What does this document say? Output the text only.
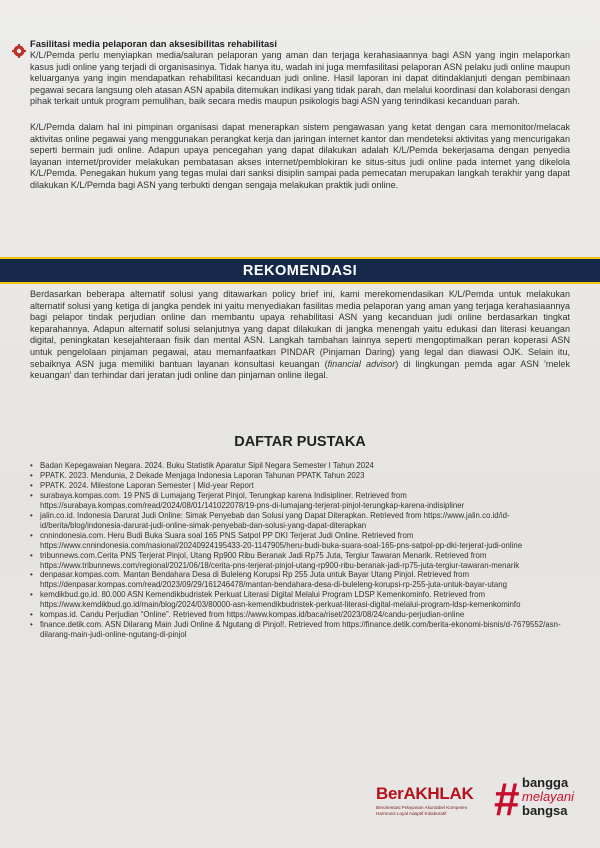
Fasilitasi media pelaporan dan aksesibilitas rehabilitasi

K/L/Pemda perlu menyiapkan media/saluran pelaporan yang aman dan terjaga kerahasiaannya bagi ASN yang ingin melaporkan kasus judi online yang terjadi di organisasinya. Tidak hanya itu, wadah ini juga memfasilitasi pelaporan ASN pelaku judi online maupun keluarganya yang ingin mendapatkan rehabilitasi kecanduan judi online. Hasil laporan ini dapat ditindaklanjuti dengan pembinaan pegawai secara langsung oleh atasan ASN apabila ditemukan indikasi yang tidak parah, dan melalui koordinasi dan kolaborasi dengan pihak terkait untuk program pemulihan, baik secara medis maupun psikologis bagi ASN yang terindikasi kecanduan parah.

K/L/Pemda dalam hal ini pimpinan organisasi dapat menerapkan sistem pengawasan yang ketat dengan cara memonitor/melacak aktivitas online pegawai yang menggunakan perangkat kerja dan jaringan internet kantor dan mendeteksi aktivitas yang mencurigakan seperti bermain judi online. Adapun upaya pencegahan yang dapat dilakukan adalah K/L/Pemda bekerjasama dengan penyedia layanan internet/provider melakukan pembatasan akses internet/pemblokiran ke situs-situs judi online pada internet yang dikelola K/L/Pemda. Penegakan hukum yang tegas mulai dari sanksi disiplin sampai pada pemecatan merupakan langkah terakhir yang dapat dilakukan K/L/Pemda bagi ASN yang terbukti dengan sengaja melakukan praktik judi online.

REKOMENDASI

Berdasarkan beberapa alternatif solusi yang ditawarkan policy brief ini, kami merekomendasikan K/L/Pemda untuk melakukan alternatif solusi yang ketiga di jangka pendek ini yaitu menyediakan fasilitas media pelaporan yang aman yang terjaga kerahasiaannya bagi pelapor tindak perjudian online dan membantu upaya rehabilitasi ASN yang kecanduan judi online berdasarkan tingkat keparahannya. Adapun alternatif solusi selanjutnya yang dapat dilakukan di jangka menengah yaitu edukasi dan literasi keuangan digital, peningkatan kesejahteraan fisik dan mental ASN. Langkah tambahan lainnya seperti mengoptimalkan peran koperasi ASN untuk pengelolaan pinjaman pegawai, atau memanfaatkan PINDAR (Pinjaman Daring) yang legal dan diawasi OJK. Selain itu, sebaiknya ASN juga memiliki bantuan layanan konsultasi keuangan (financial advisor) di lingkungan pemda agar ASN 'melek keuangan' dan terhindar dari jeratan judi online dan pinjaman online ilegal.

DAFTAR PUSTAKA
• Badan Kepegawaian Negara. 2024. Buku Statistik Aparatur Sipil Negara Semester I Tahun 2024
• PPATK. 2023. Mendunia, 2 Dekade Menjaga Indonesia Laporan Tahunan PPATK Tahun 2023
• PPATK. 2024. Milestone Laporan Semester | Mid-year Report
• surabaya.kompas.com. 19 PNS di Lumajang Terjerat Pinjol, Terungkap karena Indisipliner. Retrieved from https://surabaya.kompas.com/read/2024/08/01/141022078/19-pns-di-lumajang-terjerat-pinjol-terungkap-karena-indisipliner
• jalin.co.id. Indonesia Darurat Judi Online: Simak Penyebab dan Solusi yang Dapat Diterapkan. Retrieved from https://www.jalin.co.id/id-id/berita/blog/indonesia-darurat-judi-online-simak-penyebab-dan-solusi-yang-dapat-diterapkan
• cnnindonesia.com. Heru Budi Buka Suara soal 165 PNS Satpol PP DKI Terjerat Judi Online. Retrieved from https://www.cnnindonesia.com/nasional/20240924195433-20-1147905/heru-budi-buka-suara-soal-165-pns-satpol-pp-dki-terjerat-judi-online
• tribunnews.com.Cerita PNS Terjerat Pinjol, Utang Rp900 Ribu Beranak Jadi Rp75 Juta, Tergiur Tawaran Menarik. Retrieved from https://www.tribunnews.com/regional/2021/06/18/cerita-pns-terjerat-pinjol-utang-rp900-ribu-beranak-jadi-rp75-juta-tergiur-tawaran-menarik
• denpasar.kompas.com. Mantan Bendahara Desa di Buleleng Korupsi Rp 255 Juta untuk Bayar Utang Pinjol. Retrieved from https://denpasar.kompas.com/read/2023/09/29/161246478/mantan-bendahara-desa-di-buleleng-korupsi-rp-255-juta-untuk-bayar-utang
• kemdikbud.go.id. 80.000 ASN Kemendikbudristek Perkuat Literasi Digital Melalui Program LDSP Kemenkominfo. Retrieved from https://www.kemdikbud.go.id/main/blog/2024/03/80000-asn-kemendikbudristek-perkuat-literasi-digital-melalui-program-ldsp-kemenkominfo
• kompas.id. Candu Perjudian “Online”. Retrieved from https://www.kompas.id/baca/riset/2023/08/24/candu-perjudian-online
• finance.detik.com. ASN Dilarang Main Judi Online & Ngutang di Pinjol!. Retrieved from https://finance.detik.com/berita-ekonomi-bisnis/d-7679552/asn-dilarang-main-judi-online-ngutang-di-pinjol
BerAKHLAK
Berorientasi Pelayanan Akuntabel Kompeten Harmonis Loyal Adaptif Kolaboratif	# bangga
melayani
bangsa
